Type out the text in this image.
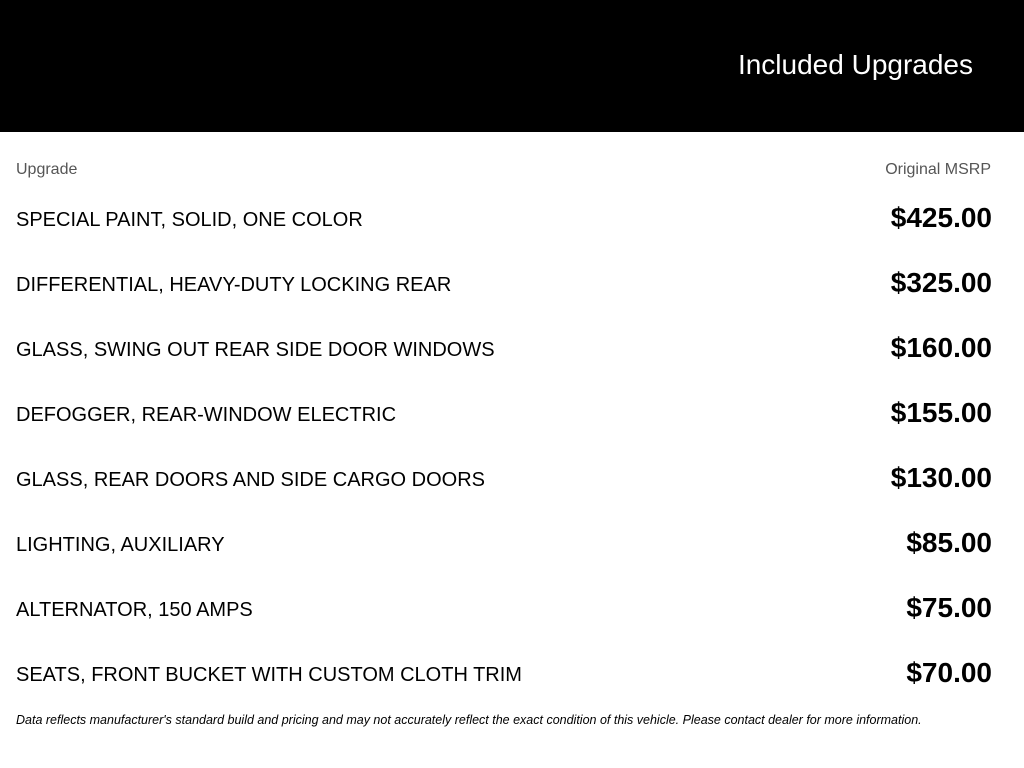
Included Upgrades
Upgrade	Original MSRP
SPECIAL PAINT, SOLID, ONE COLOR	$425.00
DIFFERENTIAL, HEAVY-DUTY LOCKING REAR	$325.00
GLASS, SWING OUT REAR SIDE DOOR WINDOWS	$160.00
DEFOGGER, REAR-WINDOW ELECTRIC	$155.00
GLASS, REAR DOORS AND SIDE CARGO DOORS	$130.00
LIGHTING, AUXILIARY	$85.00
ALTERNATOR, 150 AMPS	$75.00
SEATS, FRONT BUCKET WITH CUSTOM CLOTH TRIM	$70.00
Data reflects manufacturer's standard build and pricing and may not accurately reflect the exact condition of this vehicle. Please contact dealer for more information.
